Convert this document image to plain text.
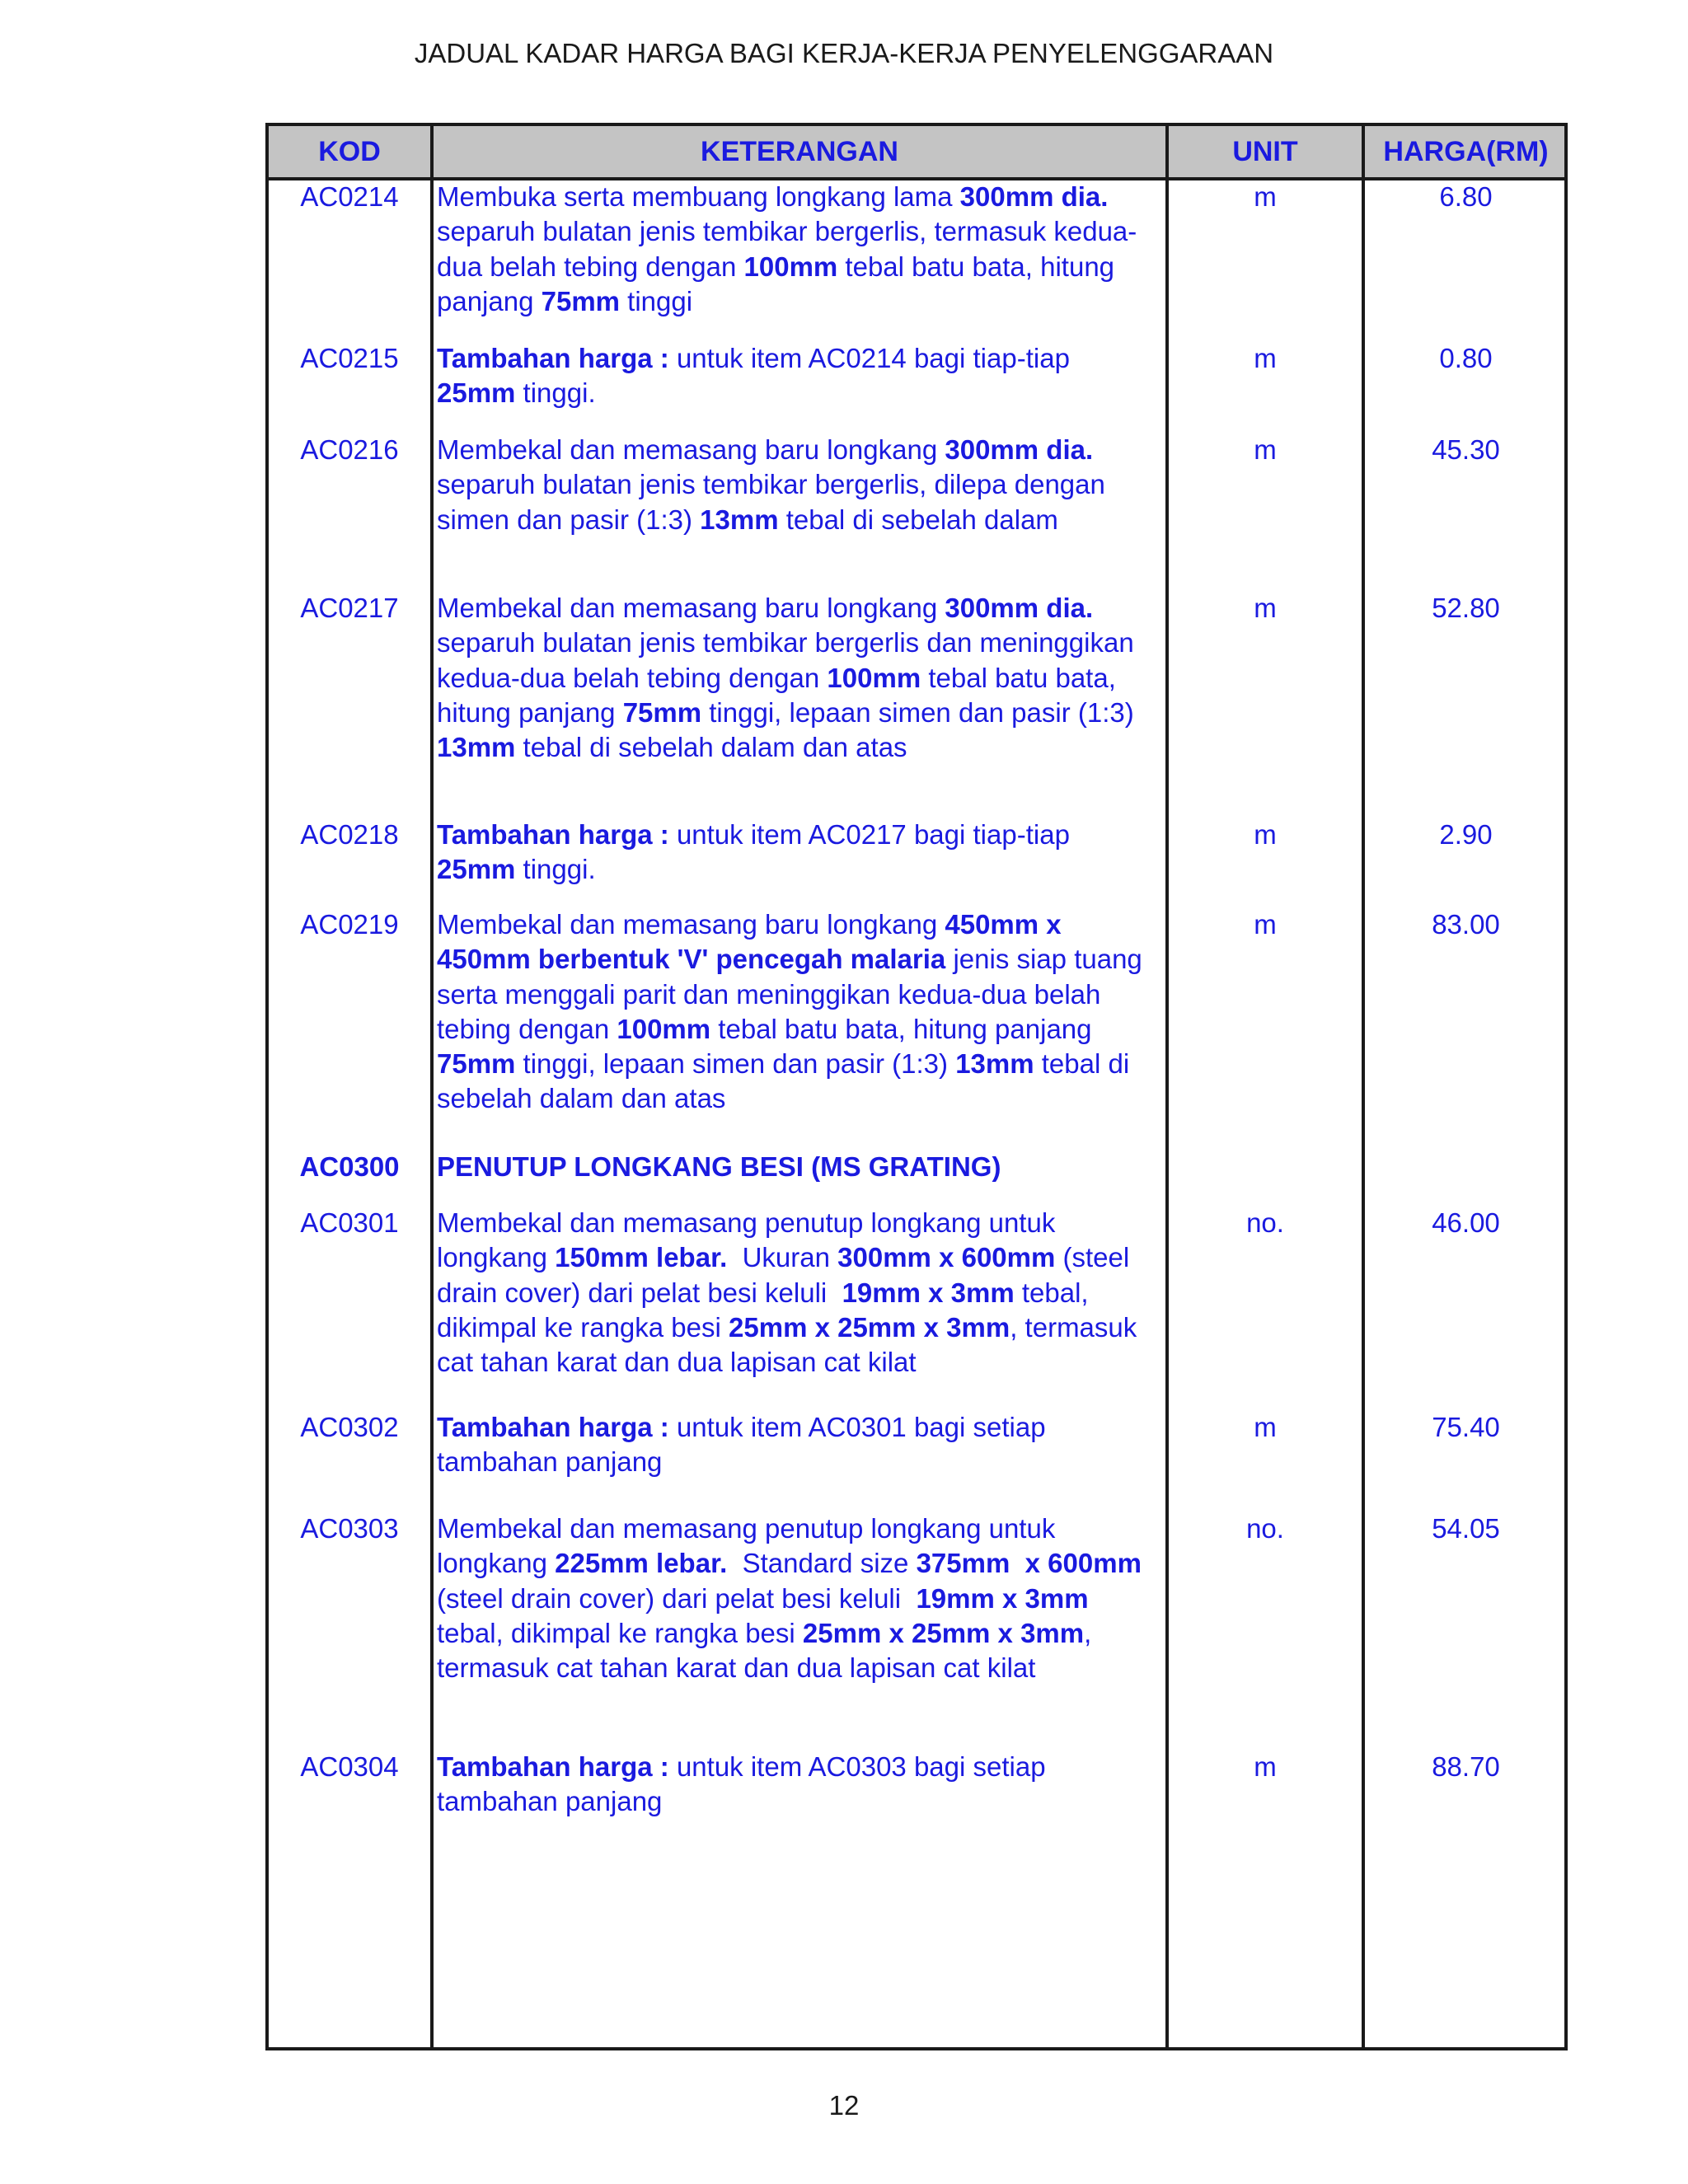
JADUAL KADAR HARGA BAGI KERJA-KERJA PENYELENGGARAAN
KOD	KETERANGAN	UNIT	HARGA(RM)
AC0214	Membuka serta membuang longkang lama 300mm dia.
separuh bulatan jenis tembikar bergerlis, termasuk kedua-
dua belah tebing dengan 100mm tebal batu bata, hitung
panjang 75mm tinggi
m	6.80
AC0215	Tambahan harga : untuk item AC0214 bagi tiap-tiap
25mm tinggi.
m	0.80
AC0216	Membekal dan memasang baru longkang 300mm dia.
separuh bulatan jenis tembikar bergerlis, dilepa dengan
simen dan pasir (1:3) 13mm tebal di sebelah dalam
m	45.30
AC0217	Membekal dan memasang baru longkang 300mm dia.
separuh bulatan jenis tembikar bergerlis dan meninggikan
kedua-dua belah tebing dengan 100mm tebal batu bata,
hitung panjang 75mm tinggi, lepaan simen dan pasir (1:3)
13mm tebal di sebelah dalam dan atas
m	52.80
AC0218	Tambahan harga : untuk item AC0217 bagi tiap-tiap
25mm tinggi.
m	2.90
AC0219	Membekal dan memasang baru longkang 450mm x
450mm berbentuk 'V' pencegah malaria jenis siap tuang
serta menggali parit dan meninggikan kedua-dua belah
tebing dengan 100mm tebal batu bata, hitung panjang
75mm tinggi, lepaan simen dan pasir (1:3) 13mm tebal di
sebelah dalam dan atas
m	83.00
AC0300	PENUTUP LONGKANG BESI (MS GRATING)
AC0301	Membekal dan memasang penutup longkang untuk
longkang 150mm lebar.  Ukuran 300mm x 600mm (steel
drain cover) dari pelat besi keluli  19mm x 3mm tebal,
dikimpal ke rangka besi 25mm x 25mm x 3mm, termasuk
cat tahan karat dan dua lapisan cat kilat
no.	46.00
AC0302	Tambahan harga : untuk item AC0301 bagi setiap
tambahan panjang
m	75.40
AC0303	Membekal dan memasang penutup longkang untuk
longkang 225mm lebar.  Standard size 375mm  x 600mm
(steel drain cover) dari pelat besi keluli  19mm x 3mm
tebal, dikimpal ke rangka besi 25mm x 25mm x 3mm,
termasuk cat tahan karat dan dua lapisan cat kilat
no.	54.05
AC0304	Tambahan harga : untuk item AC0303 bagi setiap
tambahan panjang
m	88.70
12
